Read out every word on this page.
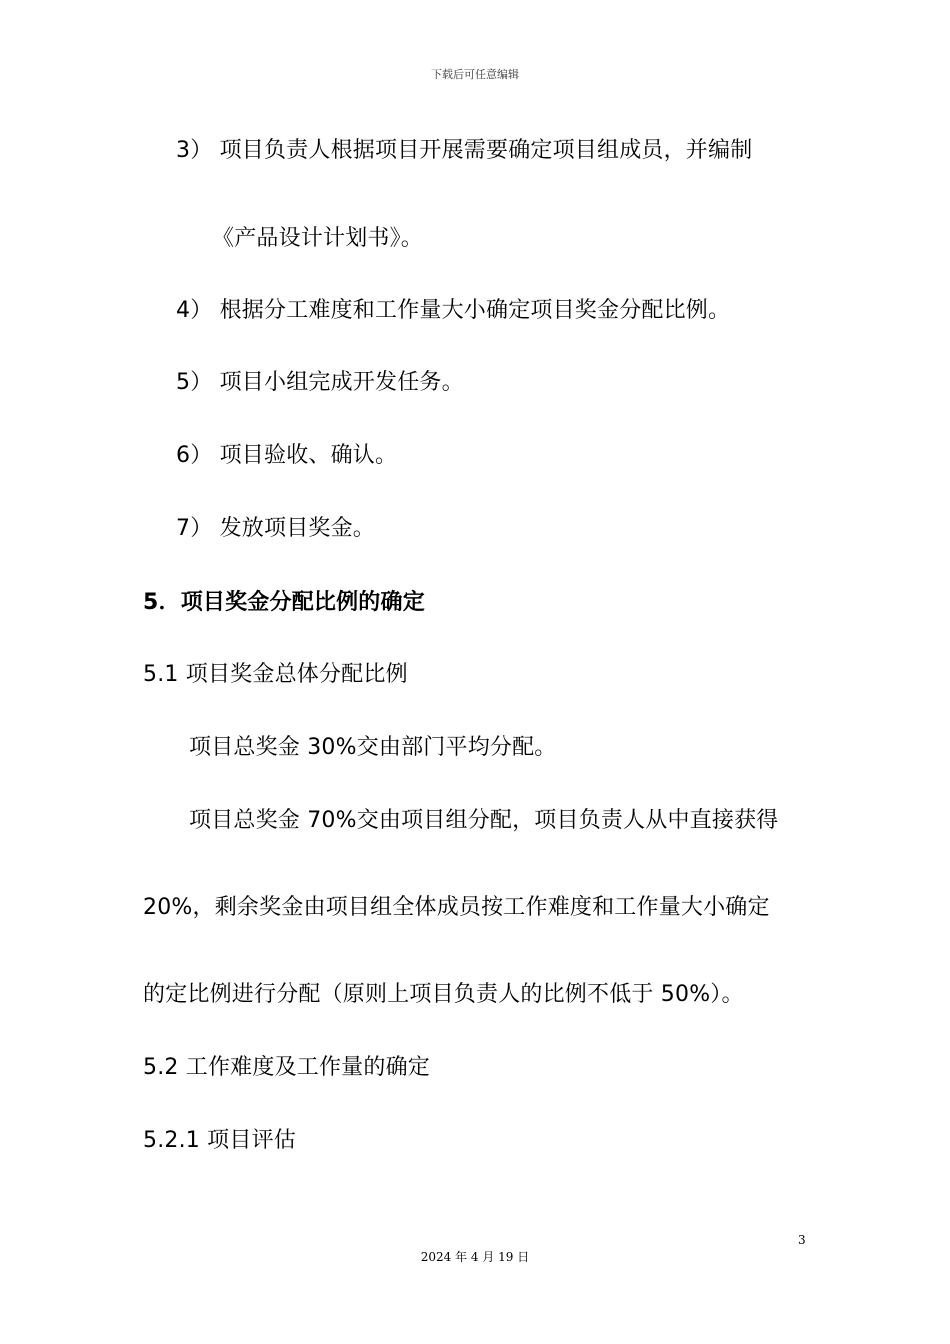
下载后可任意编辑
3） 项目负责人根据项目开展需要确定项目组成员，并编制
《产品设计计划书》。
4） 根据分工难度和工作量大小确定项目奖金分配比例。
5） 项目小组完成开发任务。
6） 项目验收、确认。
7） 发放项目奖金。
5．项目奖金分配比例的确定
5.1 项目奖金总体分配比例
项目总奖金 30%交由部门平均分配。
项目总奖金 70%交由项目组分配，项目负责人从中直接获得
20%，剩余奖金由项目组全体成员按工作难度和工作量大小确定
的定比例进行分配（原则上项目负责人的比例不低于 50%）。
5.2 工作难度及工作量的确定
5.2.1 项目评估
3
2024 年 4 月 19 日
